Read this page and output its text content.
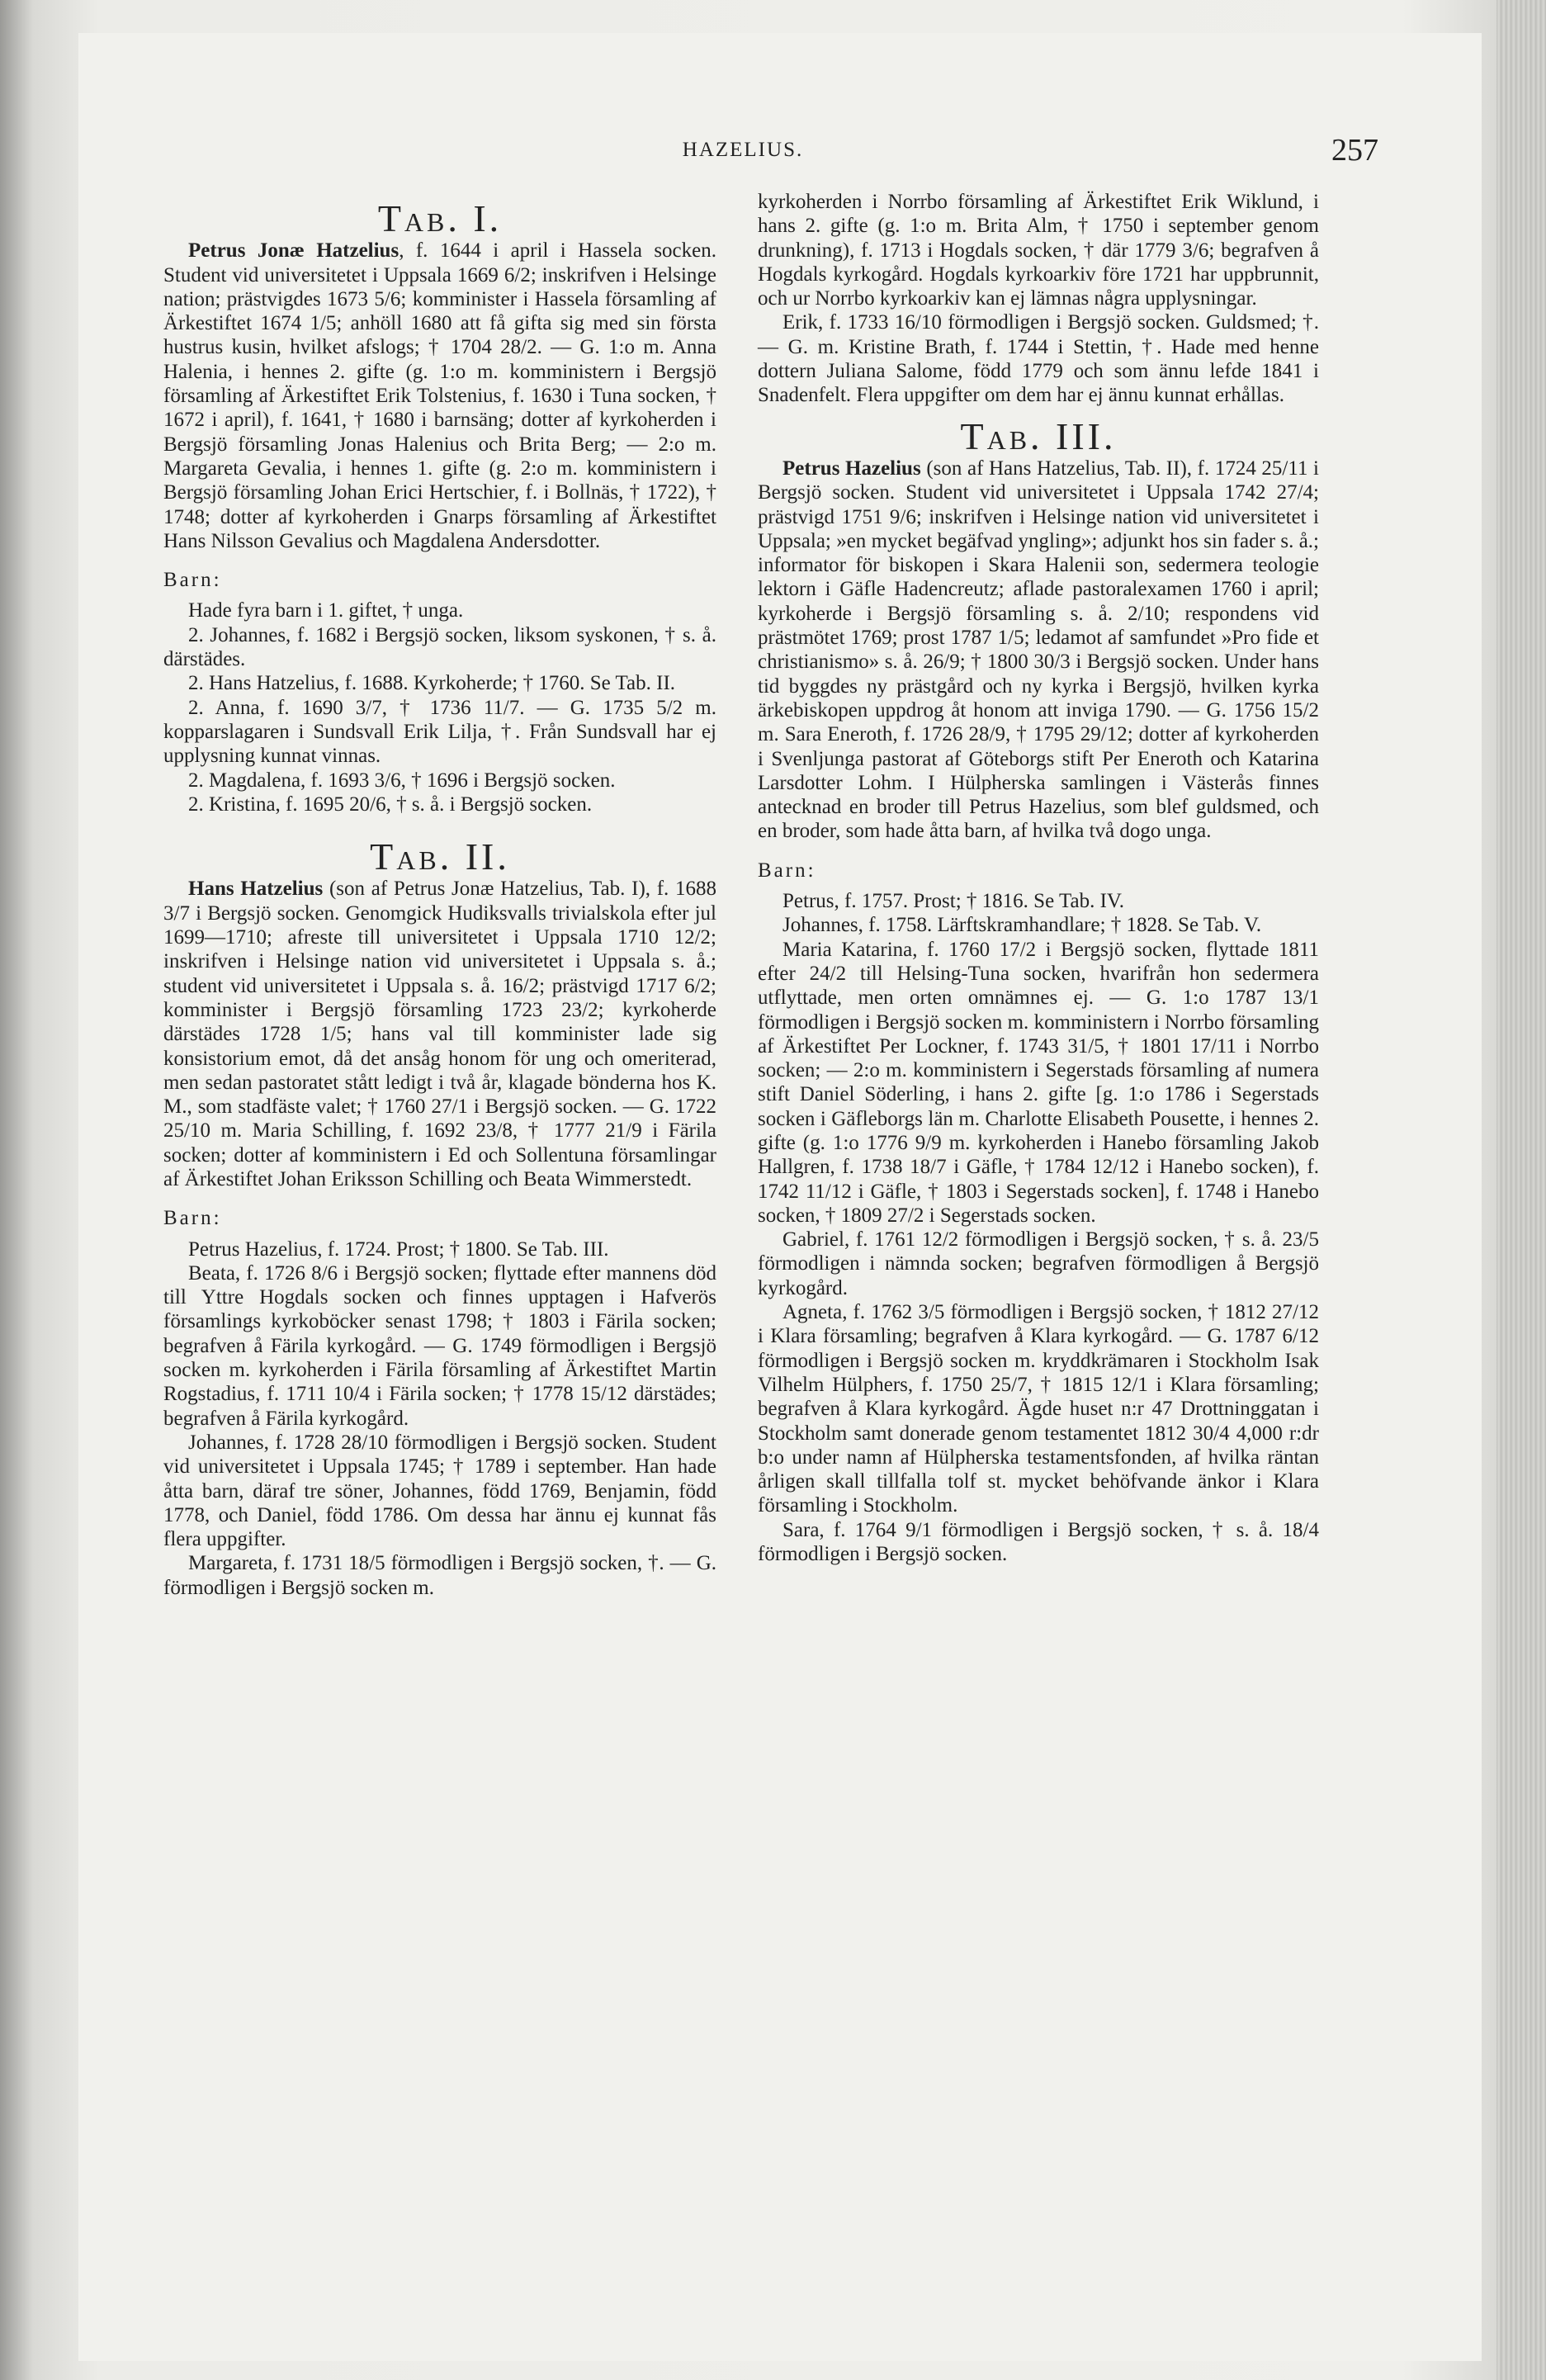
HAZELIUS.	257
Tab. I.

Petrus Jonæ Hatzelius, f. 1644 i april i Hassela socken. Student vid universitetet i Uppsala 1669 6/2; inskrifven i Helsinge nation; prästvigdes 1673 5/6; komminister i Hassela församling af Ärkestiftet 1674 1/5; anhöll 1680 att få gifta sig med sin första hustrus kusin, hvilket afslogs; † 1704 28/2. — G. 1:o m. Anna Halenia, i hennes 2. gifte (g. 1:o m. komministern i Bergsjö församling af Ärkestiftet Erik Tolstenius, f. 1630 i Tuna socken, † 1672 i april), f. 1641, † 1680 i barnsäng; dotter af kyrkoherden i Bergsjö församling Jonas Halenius och Brita Berg; — 2:o m. Margareta Gevalia, i hennes 1. gifte (g. 2:o m. komministern i Bergsjö församling Johan Erici Hertschier, f. i Bollnäs, † 1722), † 1748; dotter af kyrkoherden i Gnarps församling af Ärkestiftet Hans Nilsson Gevalius och Magdalena Andersdotter.

Barn:

Hade fyra barn i 1. giftet, † unga.

2. Johannes, f. 1682 i Bergsjö socken, liksom syskonen, † s. å. därstädes.

2. Hans Hatzelius, f. 1688. Kyrkoherde; † 1760. Se Tab. II.

2. Anna, f. 1690 3/7, † 1736 11/7. — G. 1735 5/2 m. kopparslagaren i Sundsvall Erik Lilja, †. Från Sundsvall har ej upplysning kunnat vinnas.

2. Magdalena, f. 1693 3/6, † 1696 i Bergsjö socken.

2. Kristina, f. 1695 20/6, † s. å. i Bergsjö socken.

Tab. II.

Hans Hatzelius (son af Petrus Jonæ Hatzelius, Tab. I), f. 1688 3/7 i Bergsjö socken. Genomgick Hudiksvalls trivialskola efter jul 1699—1710; afreste till universitetet i Uppsala 1710 12/2; inskrifven i Helsinge nation vid universitetet i Uppsala s. å.; student vid universitetet i Uppsala s. å. 16/2; prästvigd 1717 6/2; komminister i Bergsjö församling 1723 23/2; kyrkoherde därstädes 1728 1/5; hans val till komminister lade sig konsistorium emot, då det ansåg honom för ung och omeriterad, men sedan pastoratet stått ledigt i två år, klagade bönderna hos K. M., som stadfäste valet; † 1760 27/1 i Bergsjö socken. — G. 1722 25/10 m. Maria Schilling, f. 1692 23/8, † 1777 21/9 i Färila socken; dotter af komministern i Ed och Sollentuna församlingar af Ärkestiftet Johan Eriksson Schilling och Beata Wimmerstedt.

Barn:

Petrus Hazelius, f. 1724. Prost; † 1800. Se Tab. III.

Beata, f. 1726 8/6 i Bergsjö socken; flyttade efter mannens död till Yttre Hogdals socken och finnes upptagen i Hafverös församlings kyrkoböcker senast 1798; † 1803 i Färila socken; begrafven å Färila kyrkogård. — G. 1749 förmodligen i Bergsjö socken m. kyrkoherden i Färila församling af Ärkestiftet Martin Rogstadius, f. 1711 10/4 i Färila socken; † 1778 15/12 därstädes; begrafven å Färila kyrkogård.

Johannes, f. 1728 28/10 förmodligen i Bergsjö socken. Student vid universitetet i Uppsala 1745; † 1789 i september. Han hade åtta barn, däraf tre söner, Johannes, född 1769, Benjamin, född 1778, och Daniel, född 1786. Om dessa har ännu ej kunnat fås flera uppgifter.

Margareta, f. 1731 18/5 förmodligen i Bergsjö socken, †. — G. förmodligen i Bergsjö socken m.

kyrkoherden i Norrbo församling af Ärkestiftet Erik Wiklund, i hans 2. gifte (g. 1:o m. Brita Alm, † 1750 i september genom drunkning), f. 1713 i Hogdals socken, † där 1779 3/6; begrafven å Hogdals kyrkogård. Hogdals kyrkoarkiv före 1721 har uppbrunnit, och ur Norrbo kyrkoarkiv kan ej lämnas några upplysningar.

Erik, f. 1733 16/10 förmodligen i Bergsjö socken. Guldsmed; †. — G. m. Kristine Brath, f. 1744 i Stettin, †. Hade med henne dottern Juliana Salome, född 1779 och som ännu lefde 1841 i Snadenfelt. Flera uppgifter om dem har ej ännu kunnat erhållas.

Tab. III.

Petrus Hazelius (son af Hans Hatzelius, Tab. II), f. 1724 25/11 i Bergsjö socken. Student vid universitetet i Uppsala 1742 27/4; prästvigd 1751 9/6; inskrifven i Helsinge nation vid universitetet i Uppsala; »en mycket begäfvad yngling»; adjunkt hos sin fader s. å.; informator för biskopen i Skara Halenii son, sedermera teologie lektorn i Gäfle Hadencreutz; aflade pastoralexamen 1760 i april; kyrkoherde i Bergsjö församling s. å. 2/10; respondens vid prästmötet 1769; prost 1787 1/5; ledamot af samfundet »Pro fide et christianismo» s. å. 26/9; † 1800 30/3 i Bergsjö socken. Under hans tid byggdes ny prästgård och ny kyrka i Bergsjö, hvilken kyrka ärkebiskopen uppdrog åt honom att inviga 1790. — G. 1756 15/2 m. Sara Eneroth, f. 1726 28/9, † 1795 29/12; dotter af kyrkoherden i Svenljunga pastorat af Göteborgs stift Per Eneroth och Katarina Larsdotter Lohm. I Hülpherska samlingen i Västerås finnes antecknad en broder till Petrus Hazelius, som blef guldsmed, och en broder, som hade åtta barn, af hvilka två dogo unga.

Barn:

Petrus, f. 1757. Prost; † 1816. Se Tab. IV.

Johannes, f. 1758. Lärftskramhandlare; † 1828. Se Tab. V.

Maria Katarina, f. 1760 17/2 i Bergsjö socken, flyttade 1811 efter 24/2 till Helsing-Tuna socken, hvarifrån hon sedermera utflyttade, men orten omnämnes ej. — G. 1:o 1787 13/1 förmodligen i Bergsjö socken m. komministern i Norrbo församling af Ärkestiftet Per Lockner, f. 1743 31/5, † 1801 17/11 i Norrbo socken; — 2:o m. komministern i Segerstads församling af numera stift Daniel Söderling, i hans 2. gifte [g. 1:o 1786 i Segerstads socken i Gäfleborgs län m. Charlotte Elisabeth Pousette, i hennes 2. gifte (g. 1:o 1776 9/9 m. kyrkoherden i Hanebo församling Jakob Hallgren, f. 1738 18/7 i Gäfle, † 1784 12/12 i Hanebo socken), f. 1742 11/12 i Gäfle, † 1803 i Segerstads socken], f. 1748 i Hanebo socken, † 1809 27/2 i Segerstads socken.

Gabriel, f. 1761 12/2 förmodligen i Bergsjö socken, † s. å. 23/5 förmodligen i nämnda socken; begrafven förmodligen å Bergsjö kyrkogård.

Agneta, f. 1762 3/5 förmodligen i Bergsjö socken, † 1812 27/12 i Klara församling; begrafven å Klara kyrkogård. — G. 1787 6/12 förmodligen i Bergsjö socken m. kryddkrämaren i Stockholm Isak Vilhelm Hülphers, f. 1750 25/7, † 1815 12/1 i Klara församling; begrafven å Klara kyrkogård. Ägde huset n:r 47 Drottninggatan i Stockholm samt donerade genom testamentet 1812 30/4 4,000 r:dr b:o under namn af Hülpherska testamentsfonden, af hvilka räntan årligen skall tillfalla tolf st. mycket behöfvande änkor i Klara församling i Stockholm.

Sara, f. 1764 9/1 förmodligen i Bergsjö socken, † s. å. 18/4 förmodligen i Bergsjö socken.
